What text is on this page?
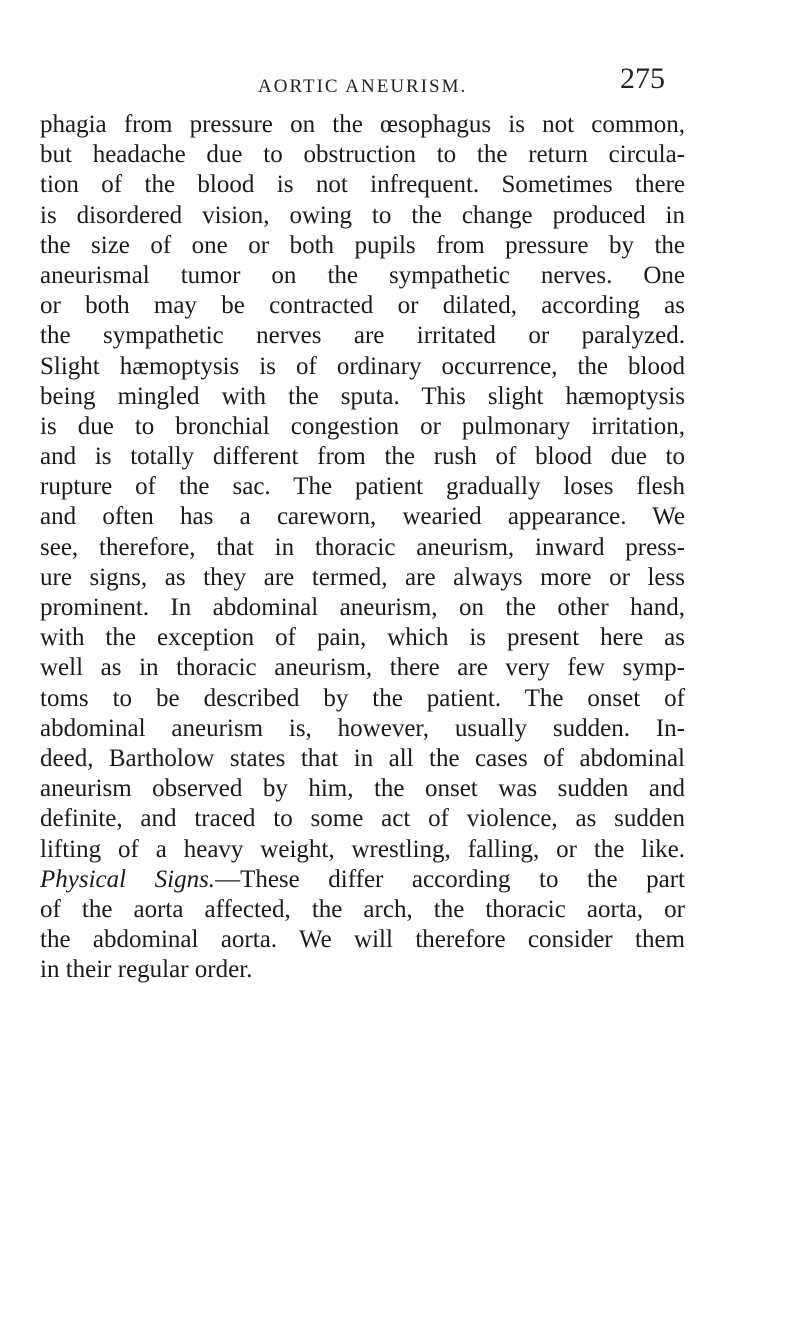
AORTIC ANEURISM.	275
phagia from pressure on the œsophagus is not common,
but headache due to obstruction to the return circula-
tion of the blood is not infrequent. Sometimes there
is disordered vision, owing to the change produced in
the size of one or both pupils from pressure by the
aneurismal tumor on the sympathetic nerves. One
or both may be contracted or dilated, according as
the sympathetic nerves are irritated or paralyzed.
Slight hæmoptysis is of ordinary occurrence, the blood
being mingled with the sputa. This slight hæmoptysis
is due to bronchial congestion or pulmonary irritation,
and is totally different from the rush of blood due to
rupture of the sac. The patient gradually loses flesh
and often has a careworn, wearied appearance. We
see, therefore, that in thoracic aneurism, inward press-
ure signs, as they are termed, are always more or less
prominent. In abdominal aneurism, on the other hand,
with the exception of pain, which is present here as
well as in thoracic aneurism, there are very few symp-
toms to be described by the patient. The onset of
abdominal aneurism is, however, usually sudden. In-
deed, Bartholow states that in all the cases of abdominal
aneurism observed by him, the onset was sudden and
definite, and traced to some act of violence, as sudden
lifting of a heavy weight, wrestling, falling, or the like.
Physical Signs.—These differ according to the part
of the aorta affected, the arch, the thoracic aorta, or
the abdominal aorta. We will therefore consider them
in their regular order.
